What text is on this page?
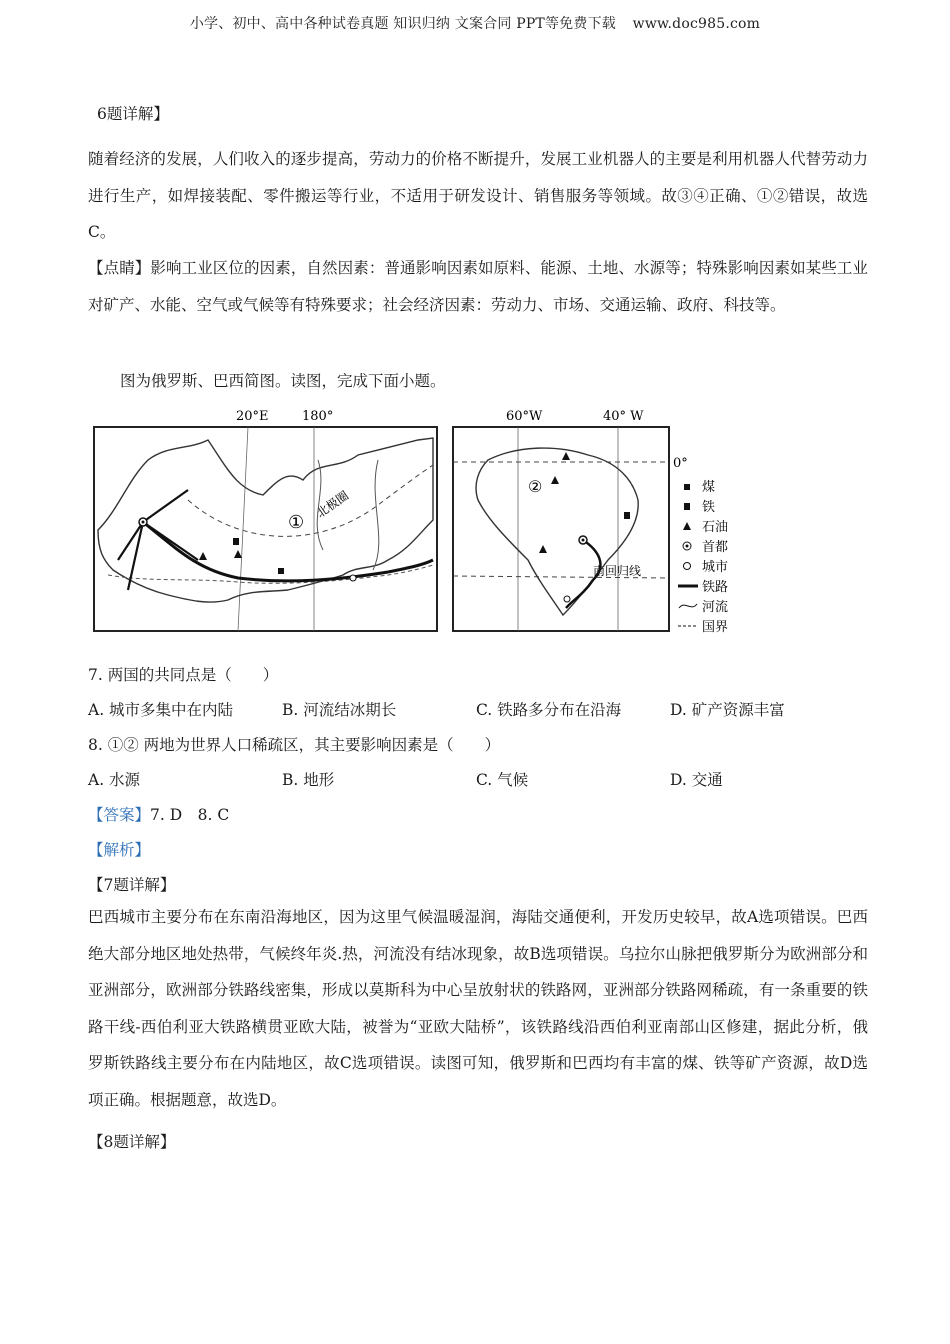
小学、初中、高中各种试卷真题 知识归纳 文案合同 PPT等免费下载 www.doc985.com
6题详解】
随着经济的发展，人们收入的逐步提高，劳动力的价格不断提升，发展工业机器人的主要是利用机器人代替劳动力进行生产，如焊接装配、零件搬运等行业，不适用于研发设计、销售服务等领域。故③④正确、①②错误，故选C。
【点睛】影响工业区位的因素，自然因素：普通影响因素如原料、能源、土地、水源等；特殊影响因素如某些工业对矿产、水能、空气或气候等有特殊要求；社会经济因素：劳动力、市场、交通运输、政府、科技等。
图为俄罗斯、巴西简图。读图，完成下面小题。
20°E	180°
北极圈
①
60°W	40° W
0°
南回归线
②	煤
铁
石油
首都
城市
铁路
河流
国界
7. 两国的共同点是（　　）
A. 城市多集中在内陆	B. 河流结冰期长	C. 铁路多分布在沿海	D. 矿产资源丰富
8. ①② 两地为世界人口稀疏区，其主要影响因素是（　　）
A. 水源	B. 地形	C. 气候	D. 交通
【答案】7. D　8. C
【解析】
【7题详解】
巴西城市主要分布在东南沿海地区，因为这里气候温暖湿润，海陆交通便利，开发历史较早，故A选项错误。巴西绝大部分地区地处热带，气候终年炎.热，河流没有结冰现象，故B选项错误。乌拉尔山脉把俄罗斯分为欧洲部分和亚洲部分，欧洲部分铁路线密集，形成以莫斯科为中心呈放射状的铁路网，亚洲部分铁路网稀疏，有一条重要的铁路干线-西伯利亚大铁路横贯亚欧大陆，被誉为“亚欧大陆桥”，该铁路线沿西伯利亚南部山区修建，据此分析，俄罗斯铁路线主要分布在内陆地区，故C选项错误。读图可知，俄罗斯和巴西均有丰富的煤、铁等矿产资源，故D选项正确。根据题意，故选D。
【8题详解】
